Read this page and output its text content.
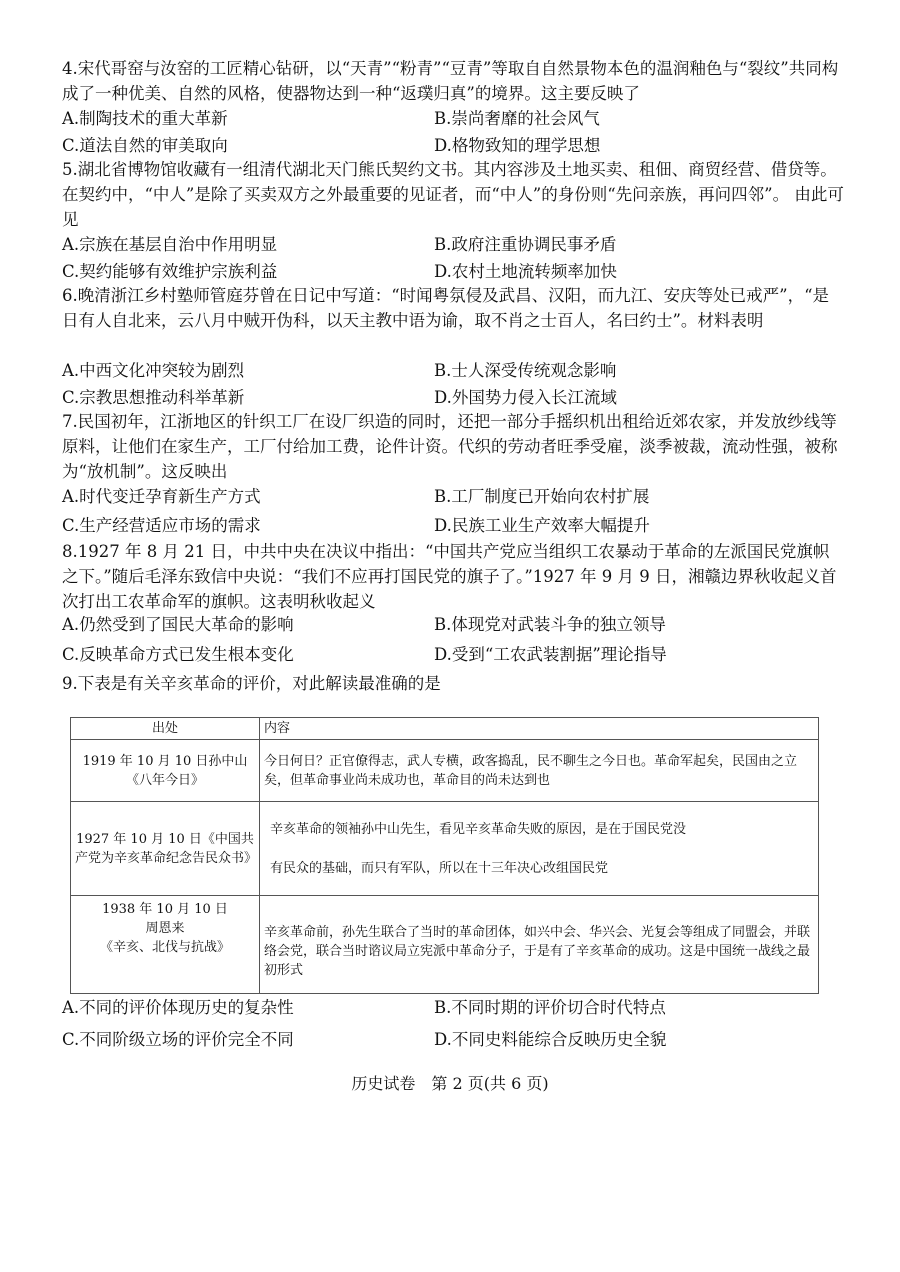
4.宋代哥窑与汝窑的工匠精心钻研，以“天青”“粉青”“豆青”等取自自然景物本色的温润釉色与“裂纹”共同构成了一种优美、自然的风格，使器物达到一种“返璞归真”的境界。这主要反映了

A.制陶技术的重大革新	B.崇尚奢靡的社会风气
C.道法自然的审美取向	D.格物致知的理学思想

5.湖北省博物馆收藏有一组清代湖北天门熊氏契约文书。其内容涉及土地买卖、租佃、商贸经营、借贷等。在契约中，“中人”是除了买卖双方之外最重要的见证者，而“中人”的身份则“先问亲族，再问四邻”。 由此可见

A.宗族在基层自治中作用明显	B.政府注重协调民事矛盾
C.契约能够有效维护宗族利益	D.农村土地流转频率加快

6.晚清浙江乡村塾师管庭芬曾在日记中写道：“时闻粤氛侵及武昌、汉阳，而九江、安庆等处已戒严”，“是日有人自北来，云八月中贼开伪科，以天主教中语为谕，取不肖之士百人，名曰约士”。材料表明

A.中西文化冲突较为剧烈	B.士人深受传统观念影响
C.宗教思想推动科举革新	D.外国势力侵入长江流域

7.民国初年，江浙地区的针织工厂在设厂织造的同时，还把一部分手摇织机出租给近郊农家，并发放纱线等原料，让他们在家生产，工厂付给加工费，论件计资。代织的劳动者旺季受雇，淡季被裁，流动性强，被称为“放机制”。这反映出

A.时代变迁孕育新生产方式	B.工厂制度已开始向农村扩展
C.生产经营适应市场的需求	D.民族工业生产效率大幅提升

8.1927 年 8 月 21 日，中共中央在决议中指出：“中国共产党应当组织工农暴动于革命的左派国民党旗帜之下。”随后毛泽东致信中央说：“我们不应再打国民党的旗子了。”1927 年 9 月 9 日，湘赣边界秋收起义首次打出工农革命军的旗帜。这表明秋收起义

A.仍然受到了国民大革命的影响	B.体现党对武装斗争的独立领导
C.反映革命方式已发生根本变化	D.受到“工农武装割据”理论指导

9.下表是有关辛亥革命的评价，对此解读最准确的是

出处	内容

1919 年 10 月 10 日孙中山
《八年今日》	今日何日？正官僚得志，武人专横，政客捣乱，民不聊生之今日也。革命军起矣，民国由之立矣，但革命事业尚未成功也，革命目的尚未达到也

1927 年 10 月 10 日《中国共产党为辛亥革命纪念告民众书》	辛亥革命的领袖孙中山先生，看见辛亥革命失败的原因，是在于国民党没
有民众的基础，而只有军队，所以在十三年决心改组国民党

1938 年 10 月 10 日
周恩来
《辛亥、北伐与抗战》	辛亥革命前，孙先生联合了当时的革命团体，如兴中会、华兴会、光复会等组成了同盟会，并联络会党，联合当时谘议局立宪派中革命分子，于是有了辛亥革命的成功。这是中国统一战线之最初形式
A.不同的评价体现历史的复杂性	B.不同时期的评价切合时代特点
C.不同阶级立场的评价完全不同	D.不同史料能综合反映历史全貌
历史试卷　第 2 页(共 6 页)
